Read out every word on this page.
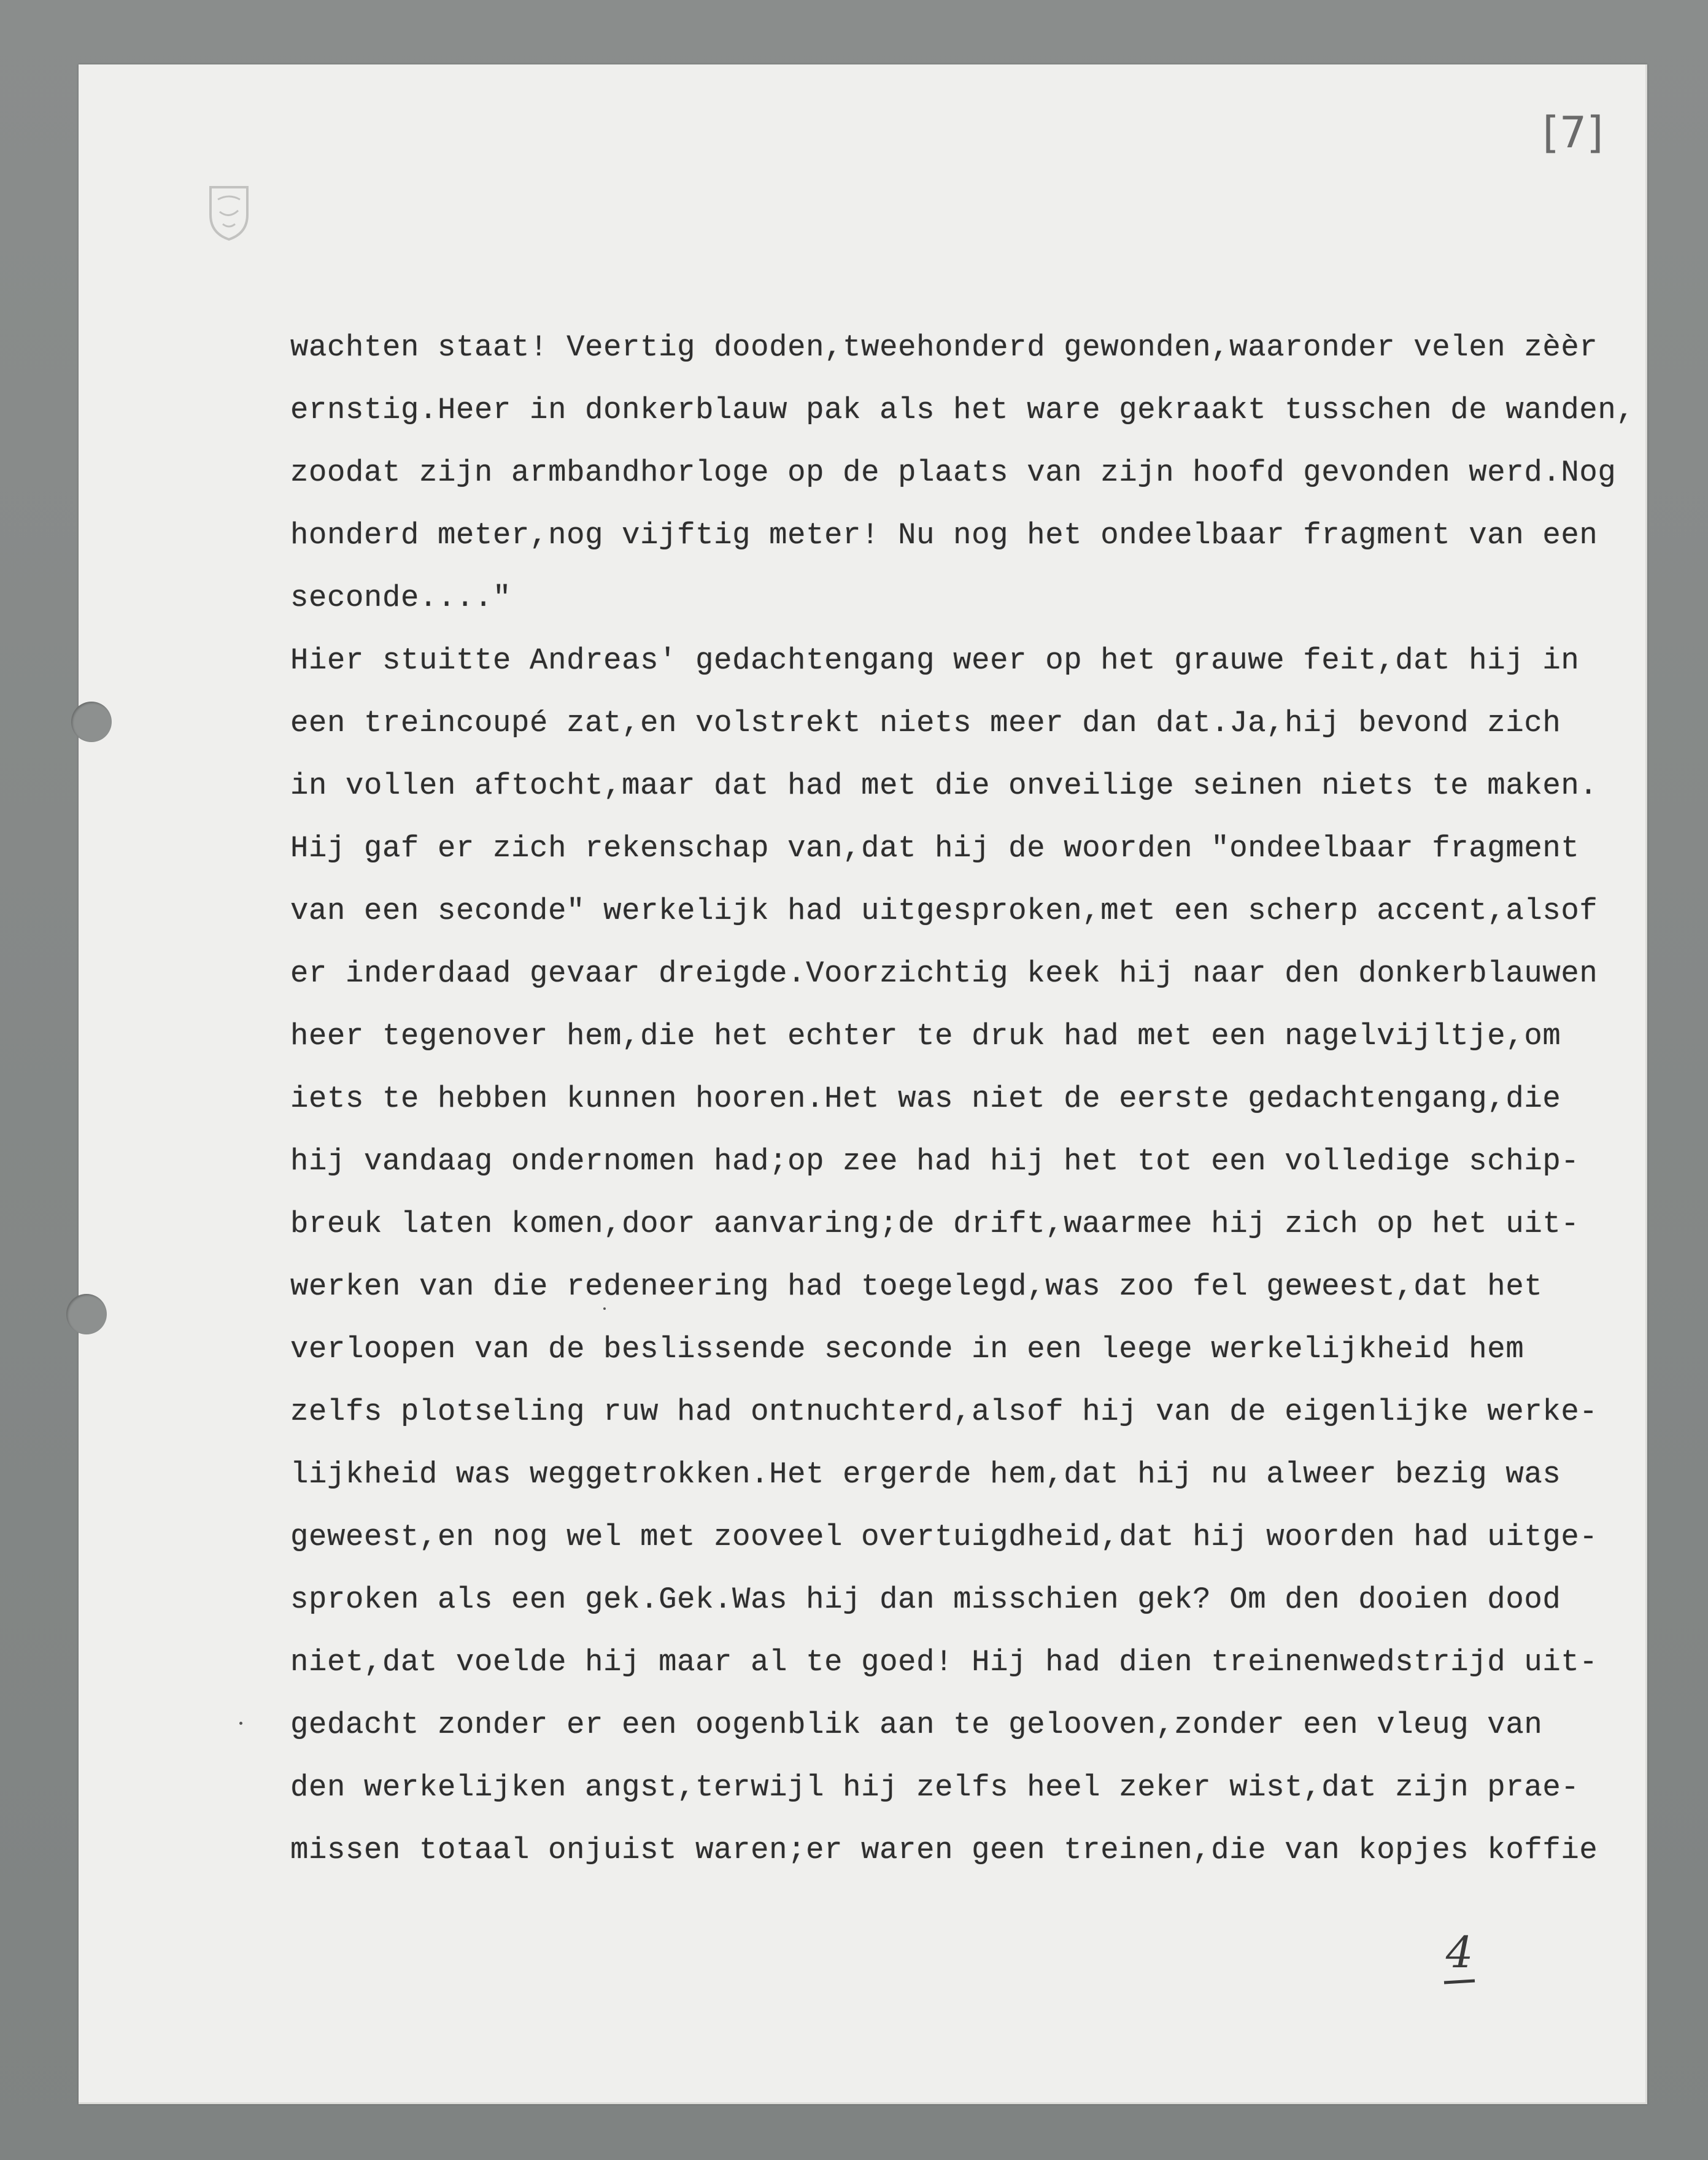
[7]
wachten staat! Veertig dooden,tweehonderd gewonden,waaronder velen zèèr
ernstig.Heer in donkerblauw pak als het ware gekraakt tusschen de wanden,
zoodat zijn armbandhorloge op de plaats van zijn hoofd gevonden werd.Nog
honderd meter,nog vijftig meter! Nu nog het ondeelbaar fragment van een
seconde...."
Hier stuitte Andreas' gedachtengang weer op het grauwe feit,dat hij in
een treincoupé zat,en volstrekt niets meer dan dat.Ja,hij bevond zich
in vollen aftocht,maar dat had met die onveilige seinen niets te maken.
Hij gaf er zich rekenschap van,dat hij de woorden "ondeelbaar fragment
van een seconde" werkelijk had uitgesproken,met een scherp accent,alsof
er inderdaad gevaar dreigde.Voorzichtig keek hij naar den donkerblauwen
heer tegenover hem,die het echter te druk had met een nagelvijltje,om
iets te hebben kunnen hooren.Het was niet de eerste gedachtengang,die
hij vandaag ondernomen had;op zee had hij het tot een volledige schip-
breuk laten komen,door aanvaring;de drift,waarmee hij zich op het uit-
werken van die redeneering had toegelegd,was zoo fel geweest,dat het
verloopen van de beslissende seconde in een leege werkelijkheid hem
zelfs plotseling ruw had ontnuchterd,alsof hij van de eigenlijke werke-
lijkheid was weggetrokken.Het ergerde hem,dat hij nu alweer bezig was
geweest,en nog wel met zooveel overtuigdheid,dat hij woorden had uitge-
sproken als een gek.Gek.Was hij dan misschien gek? Om den dooien dood
niet,dat voelde hij maar al te goed! Hij had dien treinenwedstrijd uit-
gedacht zonder er een oogenblik aan te gelooven,zonder een vleug van
den werkelijken angst,terwijl hij zelfs heel zeker wist,dat zijn prae-
missen totaal onjuist waren;er waren geen treinen,die van kopjes koffie
4
